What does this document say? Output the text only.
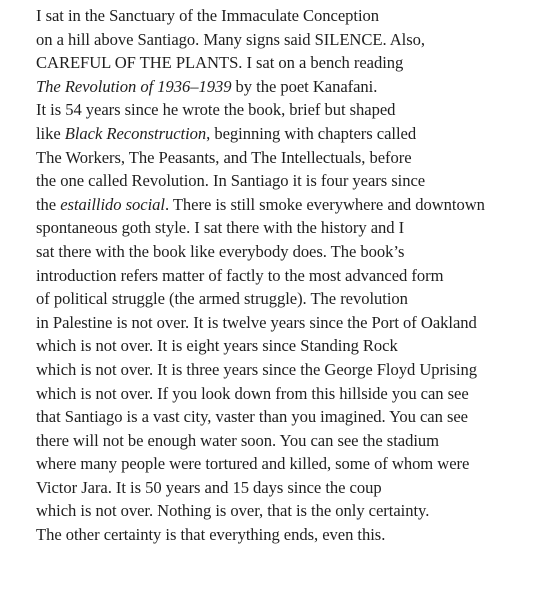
I sat in the Sanctuary of the Immaculate Conception
on a hill above Santiago. Many signs said SILENCE. Also,
CAREFUL OF THE PLANTS. I sat on a bench reading
The Revolution of 1936–1939 by the poet Kanafani.
It is 54 years since he wrote the book, brief but shaped
like Black Reconstruction, beginning with chapters called
The Workers, The Peasants, and The Intellectuals, before
the one called Revolution. In Santiago it is four years since
the estaillido social. There is still smoke everywhere and downtown
spontaneous goth style. I sat there with the history and I
sat there with the book like everybody does. The book’s
introduction refers matter of factly to the most advanced form
of political struggle (the armed struggle). The revolution
in Palestine is not over. It is twelve years since the Port of Oakland
which is not over. It is eight years since Standing Rock
which is not over. It is three years since the George Floyd Uprising
which is not over. If you look down from this hillside you can see
that Santiago is a vast city, vaster than you imagined. You can see
there will not be enough water soon. You can see the stadium
where many people were tortured and killed, some of whom were
Victor Jara. It is 50 years and 15 days since the coup
which is not over. Nothing is over, that is the only certainty.
The other certainty is that everything ends, even this.
